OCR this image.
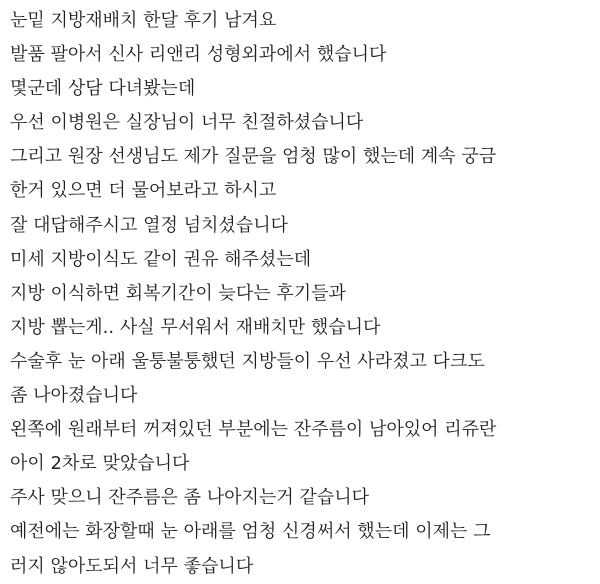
눈밑 지방재배치 한달 후기 남겨요
발품 팔아서 신사 리앤리 성형외과에서 했습니다
몇군데 상담 다녀봤는데
우선 이병원은 실장님이 너무 친절하셨습니다
그리고 원장 선생님도 제가 질문을 엄청 많이 했는데 계속 궁금
한거 있으면 더 물어보라고 하시고
잘 대답해주시고 열정 넘치셨습니다
미세 지방이식도 같이 권유 해주셨는데
지방 이식하면 회복기간이 늦다는 후기들과
지방 뽑는게.. 사실 무서워서 재배치만 했습니다
수술후 눈 아래 울퉁불퉁했던 지방들이 우선 사라졌고 다크도
좀 나아졌습니다
왼쪽에 원래부터 꺼져있던 부분에는 잔주름이 남아있어 리쥬란
아이 2차로 맞았습니다
주사 맞으니 잔주름은 좀 나아지는거 같습니다
예전에는 화장할때 눈 아래를 엄청 신경써서 했는데 이제는 그
러지 않아도되서 너무 좋습니다
